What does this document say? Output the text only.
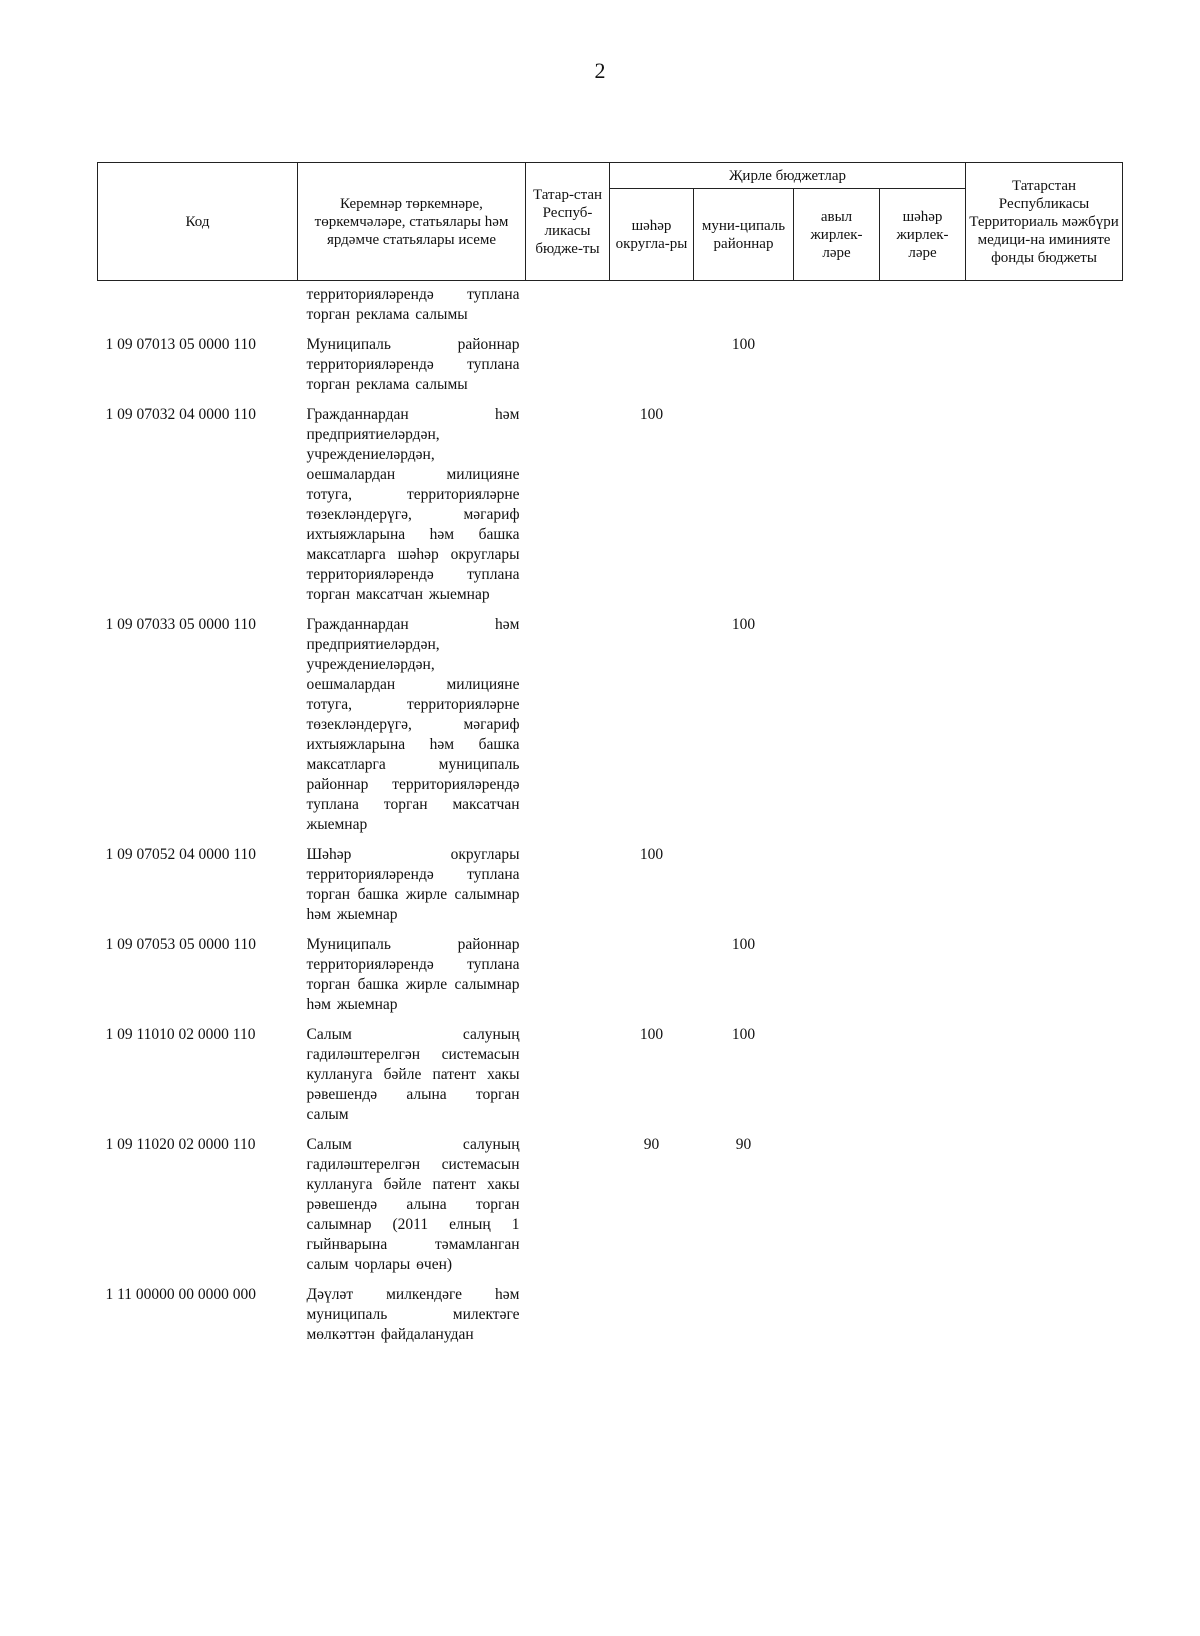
2
Код	Керемнәр төркемнәре, төркемчәләре, статьялары һәм ярдәмче статьялары исеме	Татар-стан Респуб-ликасы бюдже-ты	Җирле бюджетлар				Татарстан Республикасы Территориаль мәжбүри медици-на иминияте фонды бюджеты
			шәһәр округла-ры	муни-ципаль районнар	авыл жирлек-ләре	шәһәр жирлек-ләре	
	территорияләрендә туплана торган реклама салымы						
1 09 07013 05 0000 110	Муниципаль районнар территорияләрендә туплана торган реклама салымы			100			
1 09 07032 04 0000 110	Гражданнардан һәм предприятиеләрдән, учреждениеләрдән, оешмалардан милицияне тотуга, территорияләрне төзекләндерүгә, мәгариф ихтыяжларына һәм башка максатларга шәһәр округлары территорияләрендә туплана торган максатчан жыемнар		100				
1 09 07033 05 0000 110	Гражданнардан һәм предприятиеләрдән, учреждениеләрдән, оешмалардан милицияне тотуга, территорияләрне төзекләндерүгә, мәгариф ихтыяжларына һәм башка максатларга муниципаль районнар территорияләрендә туплана торган максатчан жыемнар			100			
1 09 07052 04 0000 110	Шәһәр округлары территорияләрендә туплана торган башка жирле салымнар һәм жыемнар		100				
1 09 07053 05 0000 110	Муниципаль районнар территорияләрендә туплана торган башка жирле салымнар һәм жыемнар			100			
1 09 11010 02 0000 110	Салым салуның гадиләштерелгән системасын куллануга бәйле патент хакы рәвешендә алына торган салым		100	100			
1 09 11020 02 0000 110	Салым салуның гадиләштерелгән системасын куллануга бәйле патент хакы рәвешендә алына торган салымнар (2011 елның 1 гыйнварына тәмамланган салым чорлары өчен)		90	90			
1 11 00000 00 0000 000	Дәүләт милкендәге һәм муниципаль милектәге мөлкәттән файдаланудан						
